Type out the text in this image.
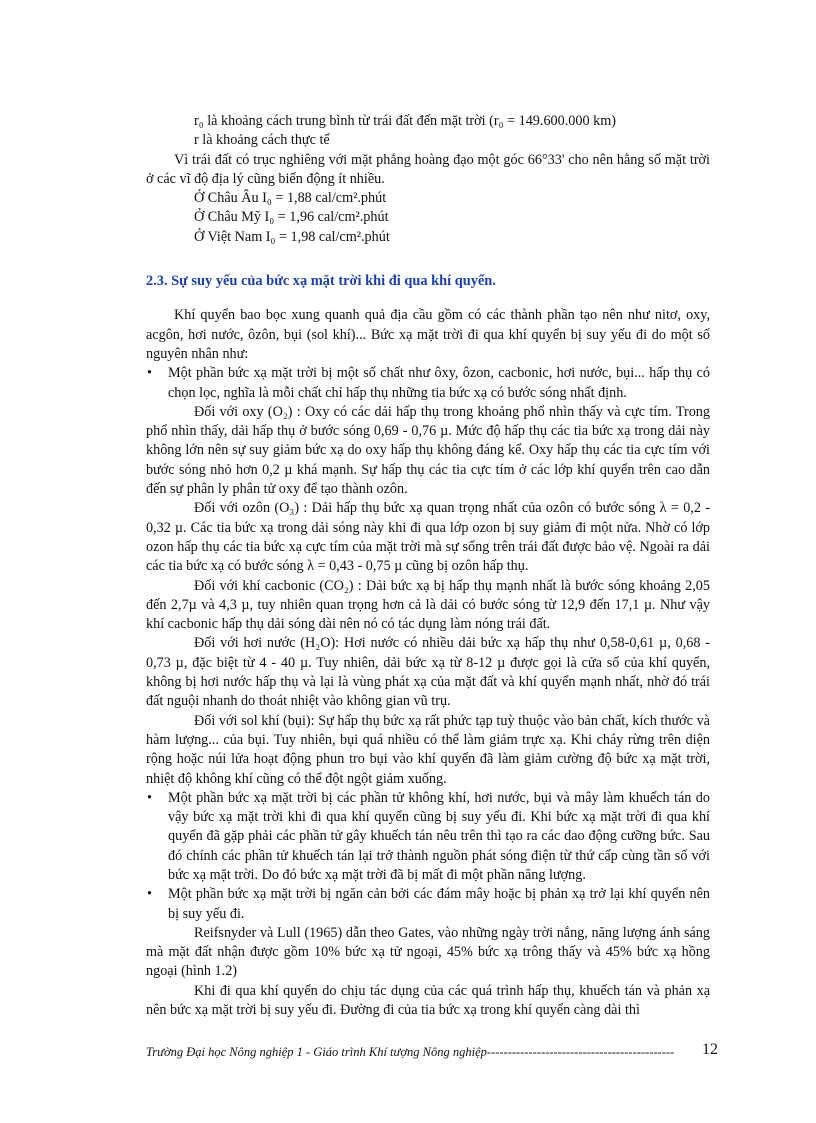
r₀ là khoảng cách trung bình từ trái đất đến mặt trời (r₀ = 149.600.000 km)
r là khoảng cách thực tế

Vì trái đất có trục nghiêng với mặt phẳng hoàng đạo một góc 66°33' cho nên hằng số mặt trời ở các vĩ độ địa lý cũng biến động ít nhiều.

Ở Châu Âu I₀ = 1,88 cal/cm².phút
Ở Châu Mỹ I₀ = 1,96 cal/cm².phút
Ở Việt Nam I₀ = 1,98 cal/cm².phút
2.3. Sự suy yếu của bức xạ mặt trời khi đi qua khí quyển.

Khí quyển bao bọc xung quanh quả địa cầu gồm có các thành phần tạo nên như nitơ, oxy, acgôn, hơi nước, ôzôn, bụi (sol khí)... Bức xạ mặt trời đi qua khí quyển bị suy yếu đi do một số nguyên nhân như:

• Một phần bức xạ mặt trời bị một số chất như ôxy, ôzon, cacbonic, hơi nước, bụi... hấp thụ có chọn lọc, nghĩa là mỗi chất chỉ hấp thụ những tia bức xạ có bước sóng nhất định.

Đối với oxy (O₂) : Oxy có các dải hấp thụ trong khoảng phổ nhìn thấy và cực tím. Trong phổ nhìn thấy, dải hấp thụ ở bước sóng 0,69 - 0,76 µ. Mức độ hấp thụ các tia bức xạ trong dải này không lớn nên sự suy giảm bức xạ do oxy hấp thụ không đáng kể. Oxy hấp thụ các tia cực tím với bước sóng nhỏ hơn 0,2 µ khá mạnh. Sự hấp thụ các tia cực tím ở các lớp khí quyển trên cao dẫn đến sự phân ly phân tử oxy để tạo thành ozôn.

Đối với ozôn (O₃) : Dải hấp thụ bức xạ quan trọng nhất của ozôn có bước sóng λ = 0,2 - 0,32 µ. Các tia bức xạ trong dải sóng này khi đi qua lớp ozon bị suy giảm đi một nửa. Nhờ có lớp ozon hấp thụ các tia bức xạ cực tím của mặt trời mà sự sống trên trái đất được bảo vệ. Ngoài ra dải các tia bức xạ có bước sóng λ = 0,43 - 0,75 µ cũng bị ozôn hấp thụ.

Đối với khí cacbonic (CO₂) : Dải bức xạ bị hấp thụ mạnh nhất là bước sóng khoảng 2,05 đến 2,7µ và 4,3 µ, tuy nhiên quan trọng hơn cả là dải có bước sóng từ 12,9 đến 17,1 µ. Như vậy khí cacbonic hấp thụ dải sóng dài nên nó có tác dụng làm nóng trái đất.

Đối với hơi nước (H₂O): Hơi nước có nhiều dải bức xạ hấp thụ như 0,58-0,61 µ, 0,68 - 0,73 µ, đặc biệt từ 4 - 40 µ. Tuy nhiên, dải bức xạ từ 8-12 µ được gọi là cửa sổ của khí quyển, không bị hơi nước hấp thụ và lại là vùng phát xạ của mặt đất và khí quyển mạnh nhất, nhờ đó trái đất nguội nhanh do thoát nhiệt vào không gian vũ trụ.

Đối với sol khí (bụi): Sự hấp thụ bức xạ rất phức tạp tuỳ thuộc vào bản chất, kích thước và hàm lượng... của bụi. Tuy nhiên, bụi quá nhiều có thể làm giảm trực xạ. Khi cháy rừng trên diện rộng hoặc núi lửa hoạt động phun tro bụi vào khí quyển đã làm giảm cường độ bức xạ mặt trời, nhiệt độ không khí cũng có thể đột ngột giảm xuống.

• Một phần bức xạ mặt trời bị các phần tử không khí, hơi nước, bụi và mây làm khuếch tán do vậy bức xạ mặt trời khi đi qua khí quyển cũng bị suy yếu đi. Khi bức xạ mặt trời đi qua khí quyển đã gặp phải các phần tử gây khuếch tán nêu trên thì tạo ra các dao động cưỡng bức. Sau đó chính các phần tử khuếch tán lại trở thành nguồn phát sóng điện từ thứ cấp cùng tần số với bức xạ mặt trời. Do đó bức xạ mặt trời đã bị mất đi một phần năng lượng.
• Một phần bức xạ mặt trời bị ngăn cản bởi các đám mây hoặc bị phản xạ trở lại khí quyển nên bị suy yếu đi.

Reifsnyder và Lull (1965) dẫn theo Gates, vào những ngày trời nắng, năng lượng ánh sáng mà mặt đất nhận được gồm 10% bức xạ tử ngoại, 45% bức xạ trông thấy và 45% bức xạ hồng ngoại (hình 1.2)

Khi đi qua khí quyển do chịu tác dụng của các quá trình hấp thụ, khuếch tán và phản xạ nên bức xạ mặt trời bị suy yếu đi. Đường đi của tia bức xạ trong khí quyển càng dài thì

Trường Đại học Nông nghiệp 1 - Giáo trình Khí tượng Nông nghiệp--------------------------------------------- 12
